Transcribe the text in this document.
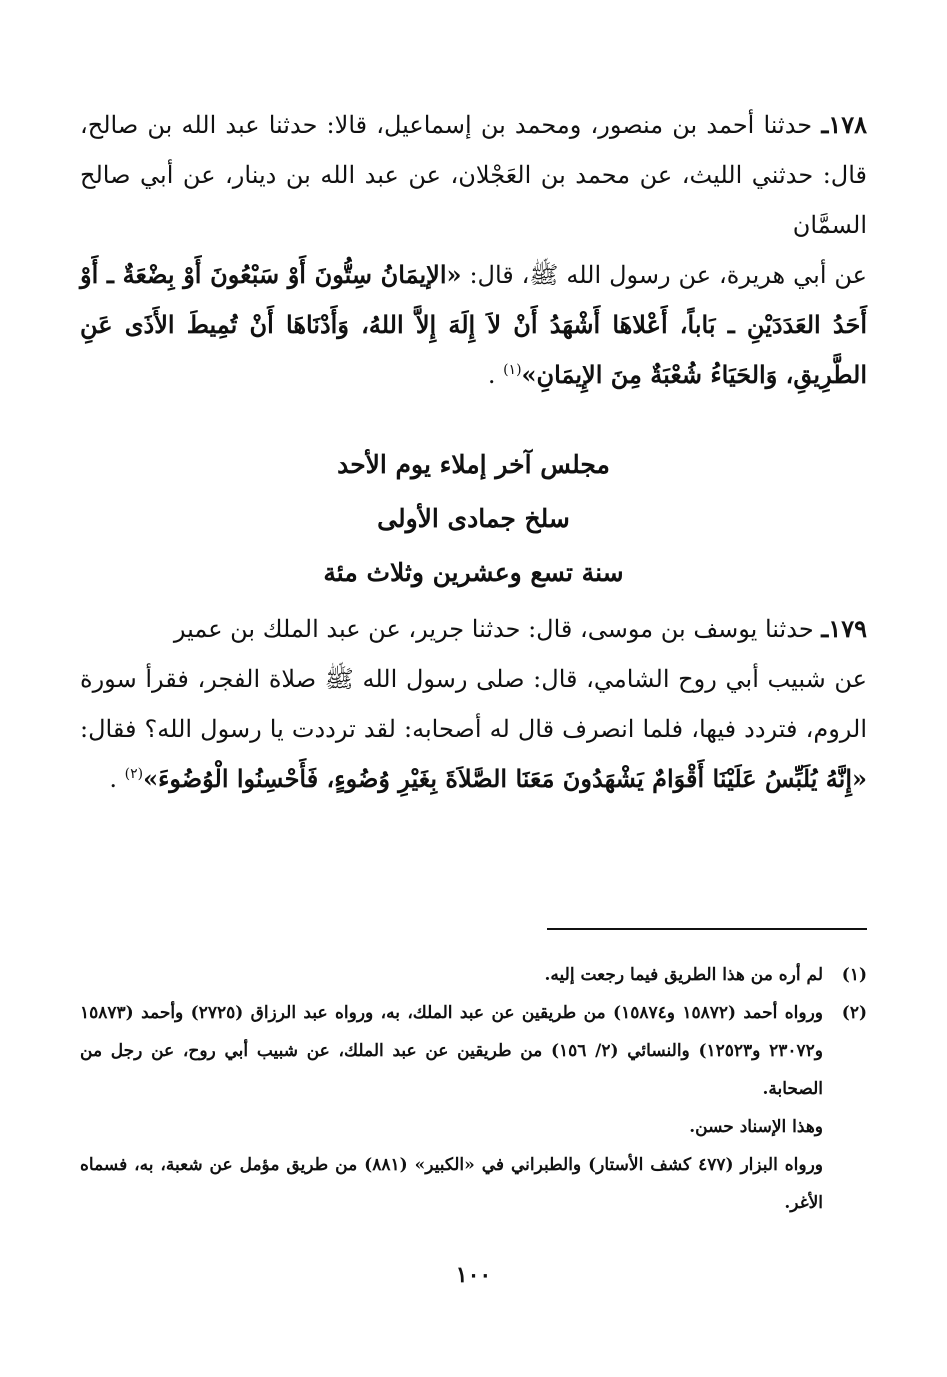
١٧٨ـ حدثنا أحمد بن منصور، ومحمد بن إسماعيل، قالا: حدثنا عبد الله بن صالح، قال: حدثني الليث، عن محمد بن العَجْلان، عن عبد الله بن دينار، عن أبي صالح السمَّان

عن أبي هريرة، عن رسول الله ﷺ، قال: «الإيمَانُ سِتُّونَ أَوْ سَبْعُونَ أَوْ بِضْعَةٌ ـ أَوْ أَحَدُ العَدَدَيْنِ ـ بَاباً، أَعْلاهَا أَشْهَدُ أَنْ لاَ إِلَهَ إِلاَّ اللهُ، وَأَدْنَاهَا أَنْ تُمِيطَ الأَذَى عَنِ الطَّرِيقِ، وَالحَيَاءُ شُعْبَةٌ مِنَ الإِيمَانِ»$^{(١)}$ .

مجلس آخر إملاء يوم الأحد

سلخ جمادى الأولى

سنة تسع وعشرين وثلاث مئة

١٧٩ـ حدثنا يوسف بن موسى، قال: حدثنا جرير، عن عبد الملك بن عمير

عن شبيب أبي روح الشامي، قال: صلى رسول الله ﷺ صلاة الفجر، فقرأ سورة الروم، فتردد فيها، فلما انصرف قال له أصحابه: لقد ترددت يا رسول الله؟ فقال: «إِنَّهُ يُلَبِّسُ عَلَيْنَا أَقْوَامٌ يَشْهَدُونَ مَعَنَا الصَّلاَةَ بِغَيْرِ وُضُوءٍ، فَأَحْسِنُوا الْوُضُوءَ»$^{(٢)}$ .

(١)
لم أره من هذا الطريق فيما رجعت إليه.
(٢)
ورواه أحمد (١٥٨٧٢ و١٥٨٧٤) من طريقين عن عبد الملك، به، ورواه عبد الرزاق (٢٧٢٥) وأحمد (١٥٨٧٣ و٢٣٠٧٢ و١٢٥٢٣) والنسائي (٢/ ١٥٦) من طريقين عن عبد الملك، عن شبيب أبي روح، عن رجل من الصحابة.
وهذا الإسناد حسن.
ورواه البزار (٤٧٧ كشف الأستار) والطبراني في «الكبير» (٨٨١) من طريق مؤمل عن شعبة، به، فسماه الأغر.
١٠٠
